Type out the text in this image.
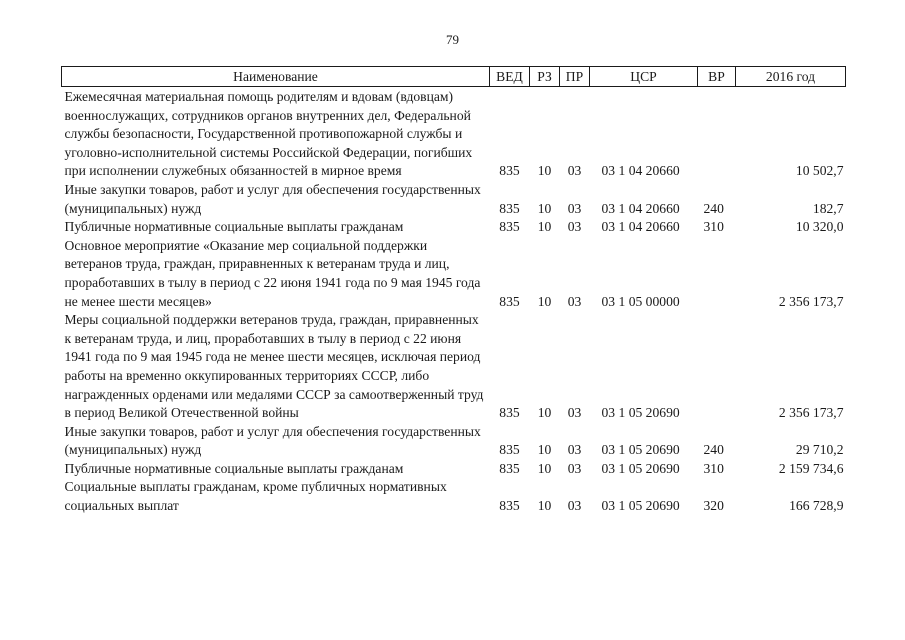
79
Наименование	ВЕД	РЗ	ПР	ЦСР	ВР	2016 год
Ежемесячная материальная помощь родителям и вдовам (вдовцам) военнослужащих, сотрудников органов внутренних дел, Федеральной службы безопасности, Государственной противопожарной службы и уголовно-исполнительной системы Российской Федерации, погибших при исполнении служебных обязанностей в мирное время	835	10	03	03 1 04 20660		10 502,7
Иные закупки товаров, работ и услуг для обеспечения государственных (муниципальных) нужд	835	10	03	03 1 04 20660	240	182,7
Публичные нормативные социальные выплаты гражданам	835	10	03	03 1 04 20660	310	10 320,0
Основное мероприятие «Оказание мер социальной поддержки ветеранов труда, граждан, приравненных к ветеранам труда и лиц, проработавших в тылу в период с 22 июня 1941 года по 9 мая 1945 года не менее шести месяцев»	835	10	03	03 1 05 00000		2 356 173,7
Меры социальной поддержки ветеранов труда, граждан, приравненных к ветеранам труда, и лиц, проработавших в тылу в период с 22 июня 1941 года по 9 мая 1945 года не менее шести месяцев, исключая период работы на временно оккупированных территориях СССР, либо награжденных орденами или медалями СССР за самоотверженный труд в период Великой Отечественной войны	835	10	03	03 1 05 20690		2 356 173,7
Иные закупки товаров, работ и услуг для обеспечения государственных (муниципальных) нужд	835	10	03	03 1 05 20690	240	29 710,2
Публичные нормативные социальные выплаты гражданам	835	10	03	03 1 05 20690	310	2 159 734,6
Социальные выплаты гражданам, кроме публичных нормативных социальных выплат	835	10	03	03 1 05 20690	320	166 728,9
